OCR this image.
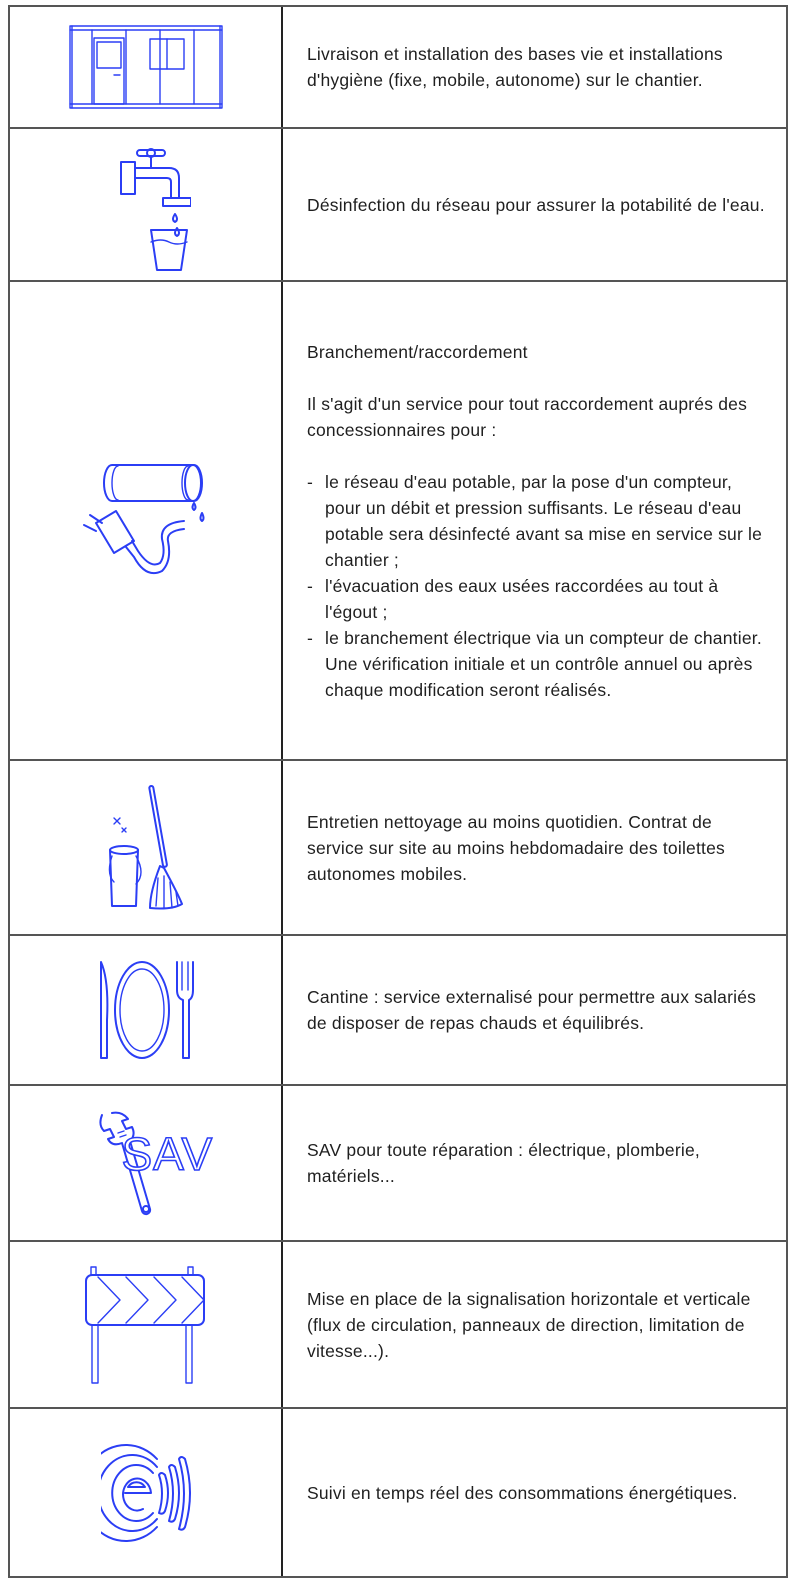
Livraison et installation des bases vie et installations d'hygiène (fixe, mobile, autonome) sur le chantier.

Désinfection du réseau pour assurer la potabilité de l'eau.

Branchement/raccordement

Il s'agit d'un service pour tout raccordement auprés des concessionnaires pour :

- le réseau d'eau potable, par la pose d'un compteur, pour un débit et pression suffisants. Le réseau d'eau potable sera désinfecté avant sa mise en service sur le chantier ;
- l'évacuation des eaux usées raccordées au tout à l'égout ;
- le branchement électrique via un compteur de chantier. Une vérification initiale et un contrôle annuel ou après chaque modification seront réalisés.

Entretien nettoyage au moins quotidien. Contrat de service sur site au moins hebdomadaire des toilettes autonomes mobiles.

Cantine : service externalisé pour permettre aux salariés de disposer de repas chauds et équilibrés.

SAV	SAV pour toute réparation : électrique, plomberie, matériels...

Mise en place de la signalisation horizontale et verticale (flux de circulation, panneaux de direction, limitation de vitesse...).

Suivi en temps réel des consommations énergétiques.
